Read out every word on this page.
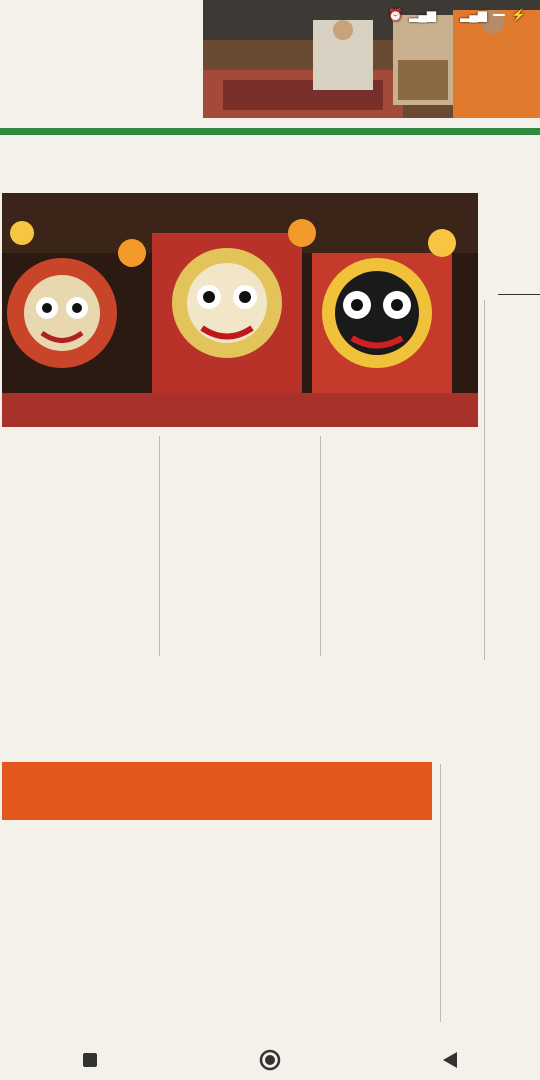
⏰ ▂▄▆ ▂▄▆ ⚡
